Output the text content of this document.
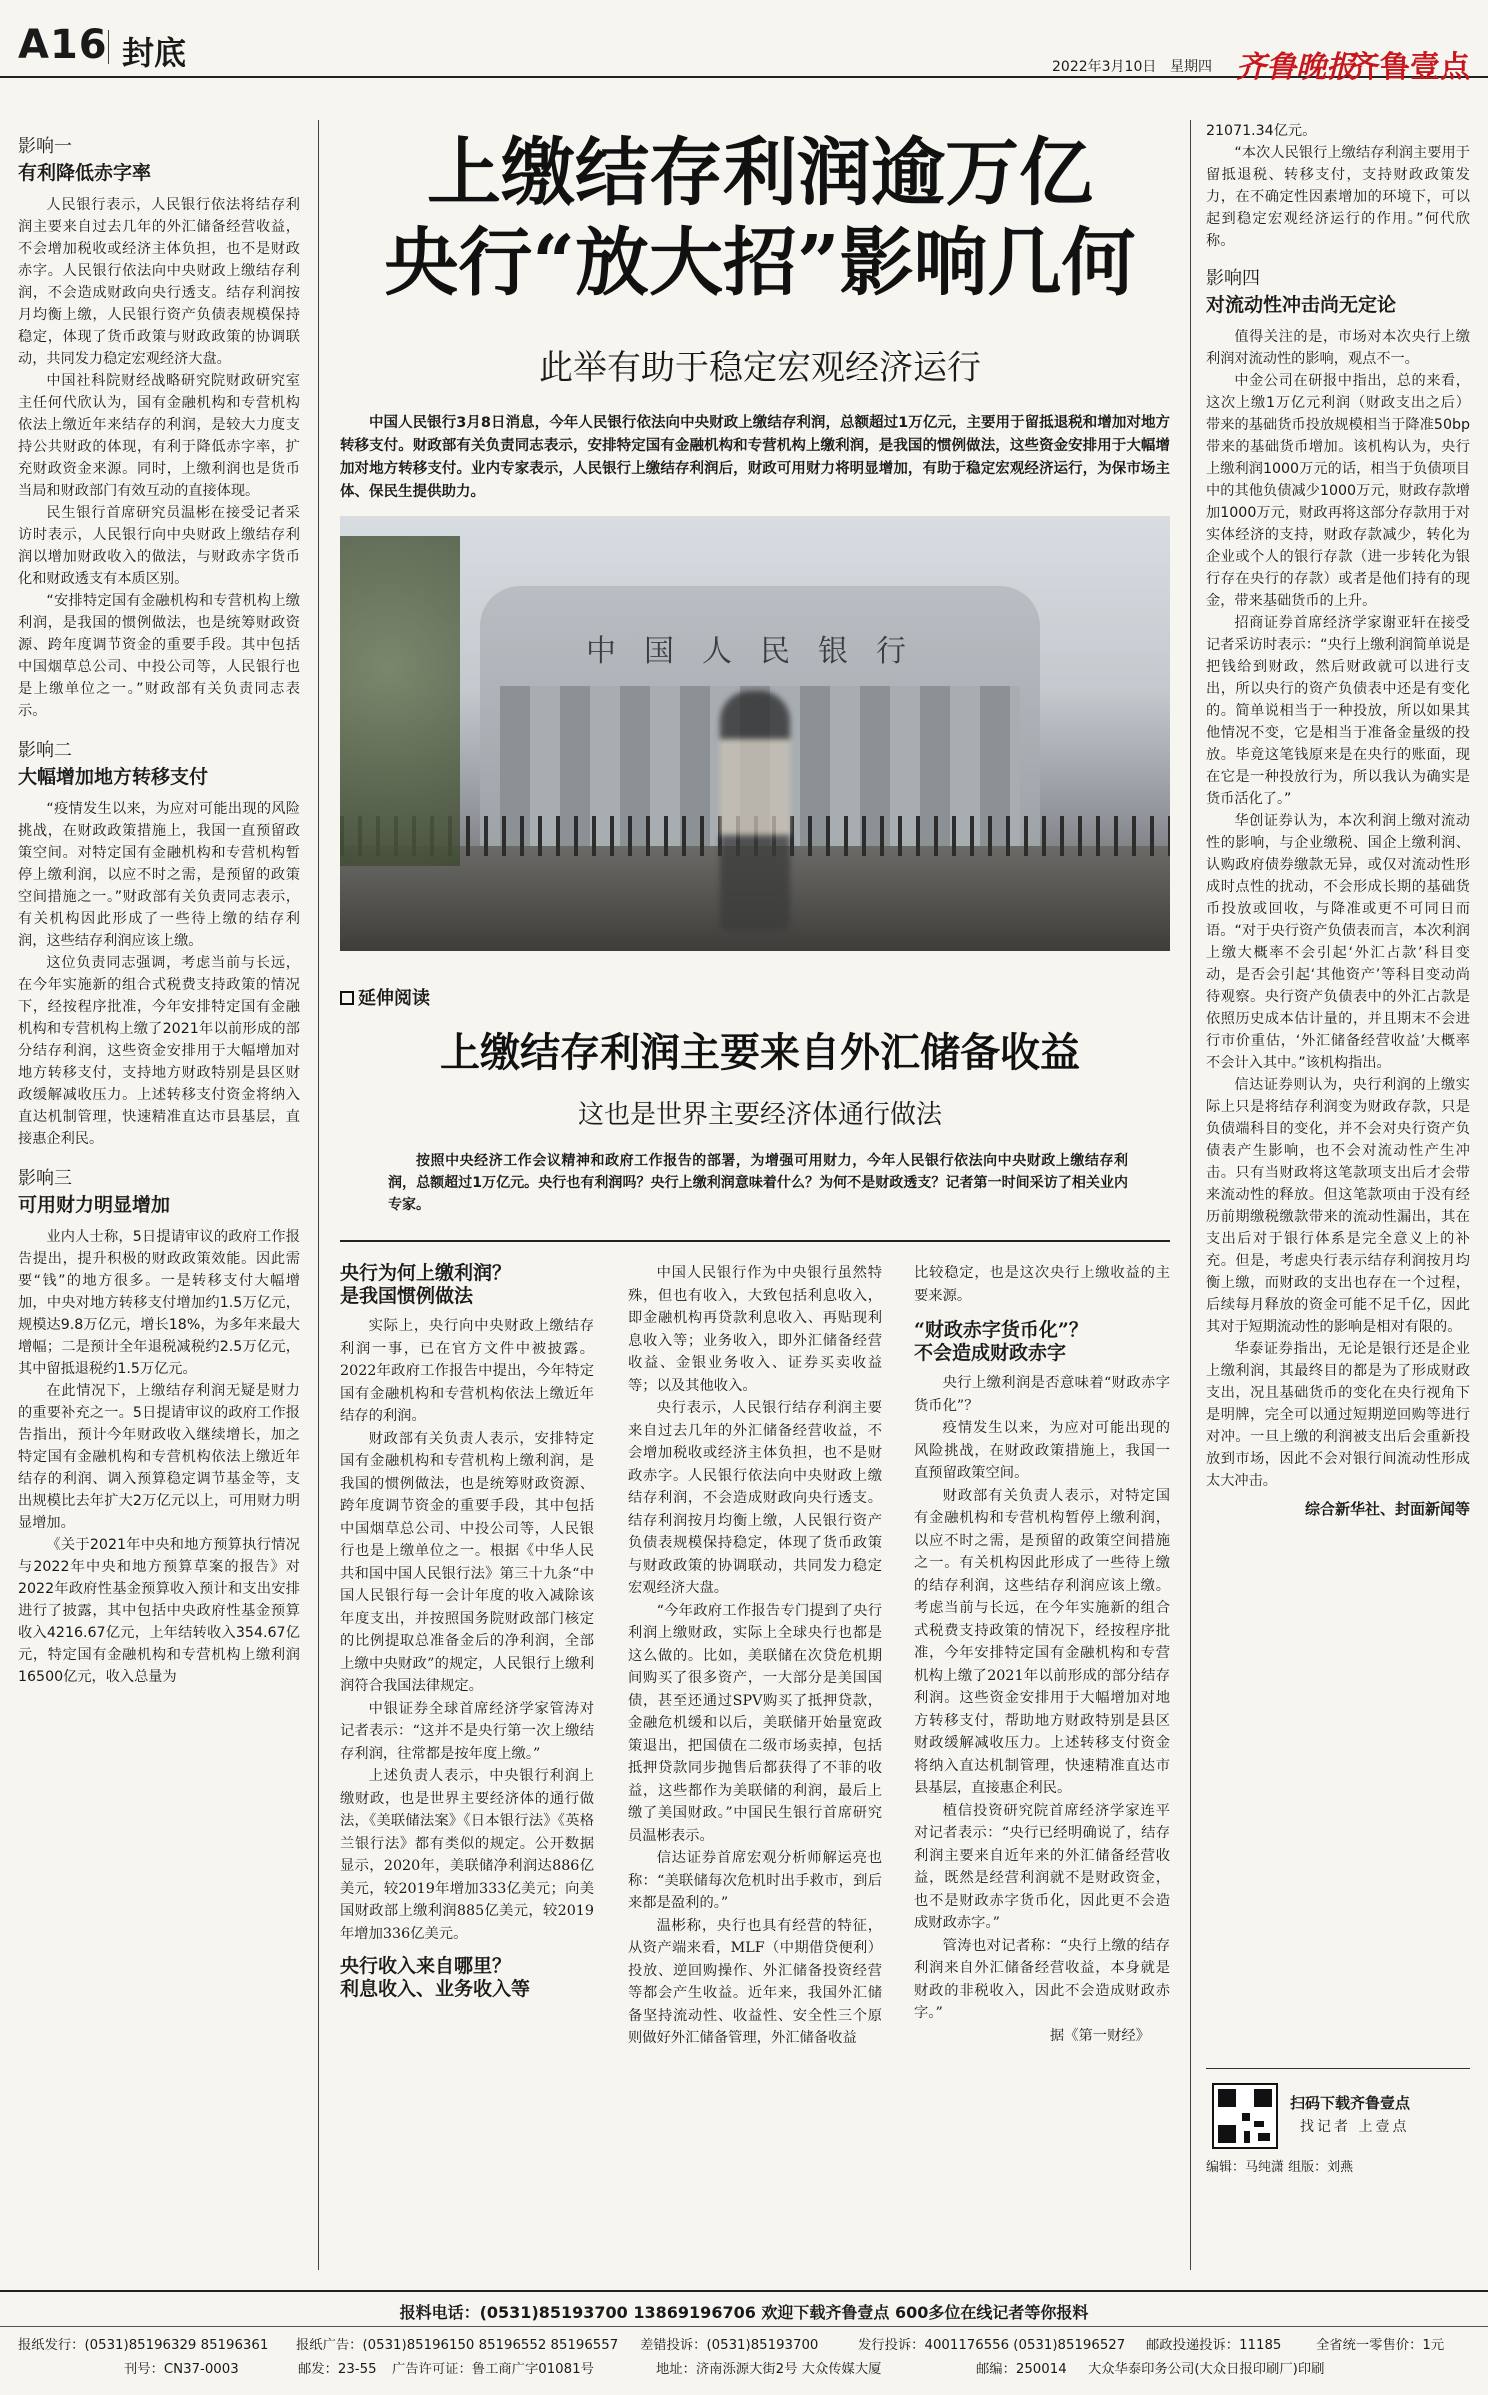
A16 封底	2022年3月10日 星期四 齐鲁晚报
齐鲁壹点
影响一
有利降低赤字率

人民银行表示，人民银行依法将结存利润主要来自过去几年的外汇储备经营收益，不会增加税收或经济主体负担，也不是财政赤字。人民银行依法向中央财政上缴结存利润，不会造成财政向央行透支。结存利润按月均衡上缴，人民银行资产负债表规模保持稳定，体现了货币政策与财政政策的协调联动，共同发力稳定宏观经济大盘。

中国社科院财经战略研究院财政研究室主任何代欣认为，国有金融机构和专营机构依法上缴近年来结存的利润，是较大力度支持公共财政的体现，有利于降低赤字率，扩充财政资金来源。同时，上缴利润也是货币当局和财政部门有效互动的直接体现。

民生银行首席研究员温彬在接受记者采访时表示，人民银行向中央财政上缴结存利润以增加财政收入的做法，与财政赤字货币化和财政透支有本质区别。

“安排特定国有金融机构和专营机构上缴利润，是我国的惯例做法，也是统筹财政资源、跨年度调节资金的重要手段。其中包括中国烟草总公司、中投公司等，人民银行也是上缴单位之一。”财政部有关负责同志表示。

影响二
大幅增加地方转移支付

“疫情发生以来，为应对可能出现的风险挑战，在财政政策措施上，我国一直预留政策空间。对特定国有金融机构和专营机构暂停上缴利润，以应不时之需，是预留的政策空间措施之一。”财政部有关负责同志表示，有关机构因此形成了一些待上缴的结存利润，这些结存利润应该上缴。

这位负责同志强调，考虑当前与长远，在今年实施新的组合式税费支持政策的情况下，经按程序批准，今年安排特定国有金融机构和专营机构上缴了2021年以前形成的部分结存利润，这些资金安排用于大幅增加对地方转移支付，支持地方财政特别是县区财政缓解减收压力。上述转移支付资金将纳入直达机制管理，快速精准直达市县基层，直接惠企利民。

影响三
可用财力明显增加

业内人士称，5日提请审议的政府工作报告提出，提升积极的财政政策效能。因此需要“钱”的地方很多。一是转移支付大幅增加，中央对地方转移支付增加约1.5万亿元，规模达9.8万亿元，增长18%，为多年来最大增幅；二是预计全年退税减税约2.5万亿元，其中留抵退税约1.5万亿元。

在此情况下，上缴结存利润无疑是财力的重要补充之一。5日提请审议的政府工作报告指出，预计今年财政收入继续增长，加之特定国有金融机构和专营机构依法上缴近年结存的利润、调入预算稳定调节基金等，支出规模比去年扩大2万亿元以上，可用财力明显增加。

《关于2021年中央和地方预算执行情况与2022年中央和地方预算草案的报告》对2022年政府性基金预算收入预计和支出安排进行了披露，其中包括中央政府性基金预算收入4216.67亿元，上年结转收入354.67亿元，特定国有金融机构和专营机构上缴利润16500亿元，收入总量为

上缴结存利润逾万亿
央行“放大招”影响几何
此举有助于稳定宏观经济运行
中国人民银行3月8日消息，今年人民银行依法向中央财政上缴结存利润，总额超过1万亿元，主要用于留抵退税和增加对地方转移支付。财政部有关负责同志表示，安排特定国有金融机构和专营机构上缴利润，是我国的惯例做法，这些资金安排用于大幅增加对地方转移支付。业内专家表示，人民银行上缴结存利润后，财政可用财力将明显增加，有助于稳定宏观经济运行，为保市场主体、保民生提供助力。
中国人民银行
延伸阅读
上缴结存利润主要来自外汇储备收益
这也是世界主要经济体通行做法
按照中央经济工作会议精神和政府工作报告的部署，为增强可用财力，今年人民银行依法向中央财政上缴结存利润，总额超过1万亿元。央行也有利润吗？央行上缴利润意味着什么？为何不是财政透支？记者第一时间采访了相关业内专家。
央行为何上缴利润？
是我国惯例做法

实际上，央行向中央财政上缴结存利润一事，已在官方文件中被披露。2022年政府工作报告中提出，今年特定国有金融机构和专营机构依法上缴近年结存的利润。

财政部有关负责人表示，安排特定国有金融机构和专营机构上缴利润，是我国的惯例做法，也是统筹财政资源、跨年度调节资金的重要手段，其中包括中国烟草总公司、中投公司等，人民银行也是上缴单位之一。根据《中华人民共和国中国人民银行法》第三十九条“中国人民银行每一会计年度的收入减除该年度支出，并按照国务院财政部门核定的比例提取总准备金后的净利润，全部上缴中央财政”的规定，人民银行上缴利润符合我国法律规定。

中银证券全球首席经济学家管涛对记者表示：“这并不是央行第一次上缴结存利润，往常都是按年度上缴。”

上述负责人表示，中央银行利润上缴财政，也是世界主要经济体的通行做法，《美联储法案》《日本银行法》《英格兰银行法》都有类似的规定。公开数据显示，2020年，美联储净利润达886亿美元，较2019年增加333亿美元；向美国财政部上缴利润885亿美元，较2019年增加336亿美元。

央行收入来自哪里？
利息收入、业务收入等

中国人民银行作为中央银行虽然特殊，但也有收入，大致包括利息收入，即金融机构再贷款利息收入、再贴现利息收入等；业务收入，即外汇储备经营收益、金银业务收入、证券买卖收益等；以及其他收入。

央行表示，人民银行结存利润主要来自过去几年的外汇储备经营收益，不会增加税收或经济主体负担，也不是财政赤字。人民银行依法向中央财政上缴结存利润，不会造成财政向央行透支。结存利润按月均衡上缴，人民银行资产负债表规模保持稳定，体现了货币政策与财政政策的协调联动，共同发力稳定宏观经济大盘。

“今年政府工作报告专门提到了央行利润上缴财政，实际上全球央行也都是这么做的。比如，美联储在次贷危机期间购买了很多资产，一大部分是美国国债，甚至还通过SPV购买了抵押贷款，金融危机缓和以后，美联储开始量宽政策退出，把国债在二级市场卖掉，包括抵押贷款同步抛售后都获得了不菲的收益，这些都作为美联储的利润，最后上缴了美国财政。”中国民生银行首席研究员温彬表示。

信达证券首席宏观分析师解运亮也称：“美联储每次危机时出手救市，到后来都是盈利的。”

温彬称，央行也具有经营的特征，从资产端来看，MLF（中期借贷便利）投放、逆回购操作、外汇储备投资经营等都会产生收益。近年来，我国外汇储备坚持流动性、收益性、安全性三个原则做好外汇储备管理，外汇储备收益

比较稳定，也是这次央行上缴收益的主要来源。

“财政赤字货币化”？
不会造成财政赤字

央行上缴利润是否意味着“财政赤字货币化”？

疫情发生以来，为应对可能出现的风险挑战，在财政政策措施上，我国一直预留政策空间。

财政部有关负责人表示，对特定国有金融机构和专营机构暂停上缴利润，以应不时之需，是预留的政策空间措施之一。有关机构因此形成了一些待上缴的结存利润，这些结存利润应该上缴。考虑当前与长远，在今年实施新的组合式税费支持政策的情况下，经按程序批准，今年安排特定国有金融机构和专营机构上缴了2021年以前形成的部分结存利润。这些资金安排用于大幅增加对地方转移支付，帮助地方财政特别是县区财政缓解减收压力。上述转移支付资金将纳入直达机制管理，快速精准直达市县基层，直接惠企利民。

植信投资研究院首席经济学家连平对记者表示：“央行已经明确说了，结存利润主要来自近年来的外汇储备经营收益，既然是经营利润就不是财政资金，也不是财政赤字货币化，因此更不会造成财政赤字。”

管涛也对记者称：“央行上缴的结存利润来自外汇储备经营收益，本身就是财政的非税收入，因此不会造成财政赤字。”

据《第一财经》

21071.34亿元。

“本次人民银行上缴结存利润主要用于留抵退税、转移支付，支持财政政策发力，在不确定性因素增加的环境下，可以起到稳定宏观经济运行的作用。”何代欣称。

影响四
对流动性冲击尚无定论

值得关注的是，市场对本次央行上缴利润对流动性的影响，观点不一。

中金公司在研报中指出，总的来看，这次上缴1万亿元利润（财政支出之后）带来的基础货币投放规模相当于降准50bp带来的基础货币增加。该机构认为，央行上缴利润1000万元的话，相当于负债项目中的其他负债减少1000万元，财政存款增加1000万元，财政再将这部分存款用于对实体经济的支持，财政存款减少，转化为企业或个人的银行存款（进一步转化为银行存在央行的存款）或者是他们持有的现金，带来基础货币的上升。

招商证券首席经济学家谢亚轩在接受记者采访时表示：“央行上缴利润简单说是把钱给到财政，然后财政就可以进行支出，所以央行的资产负债表中还是有变化的。简单说相当于一种投放，所以如果其他情况不变，它是相当于准备金量级的投放。毕竟这笔钱原来是在央行的账面，现在它是一种投放行为，所以我认为确实是货币活化了。”

华创证券认为，本次利润上缴对流动性的影响，与企业缴税、国企上缴利润、认购政府债券缴款无异，或仅对流动性形成时点性的扰动，不会形成长期的基础货币投放或回收，与降准或更不可同日而语。“对于央行资产负债表而言，本次利润上缴大概率不会引起‘外汇占款’科目变动，是否会引起‘其他资产’等科目变动尚待观察。央行资产负债表中的外汇占款是依照历史成本估计量的，并且期末不会进行市价重估，‘外汇储备经营收益’大概率不会计入其中。”该机构指出。

信达证券则认为，央行利润的上缴实际上只是将结存利润变为财政存款，只是负债端科目的变化，并不会对央行资产负债表产生影响，也不会对流动性产生冲击。只有当财政将这笔款项支出后才会带来流动性的释放。但这笔款项由于没有经历前期缴税缴款带来的流动性漏出，其在支出后对于银行体系是完全意义上的补充。但是，考虑央行表示结存利润按月均衡上缴，而财政的支出也存在一个过程，后续每月释放的资金可能不足千亿，因此其对于短期流动性的影响是相对有限的。

华泰证券指出，无论是银行还是企业上缴利润，其最终目的都是为了形成财政支出，况且基础货币的变化在央行视角下是明牌，完全可以通过短期逆回购等进行对冲。一旦上缴的利润被支出后会重新投放到市场，因此不会对银行间流动性形成太大冲击。

综合新华社、封面新闻等
扫码下载齐鲁壹点
找记者 上壹点
编辑：马纯潇 组版：刘燕
报料电话：(0531)85193700 13869196706 欢迎下载齐鲁壹点 600多位在线记者等你报料
报纸发行：(0531)85196329 85196361 报纸广告：(0531)85196150 85196552 85196557 差错投诉：(0531)85193700	发行投诉：4001176556 (0531)85196527 邮政投递投诉：11185	全省统一零售价：1元
刊号：CN37-0003	邮发：23-55 广告许可证：鲁工商广字01081号	地址：济南泺源大街2号 大众传媒大厦	邮编：250014 大众华泰印务公司(大众日报印刷厂)印刷
